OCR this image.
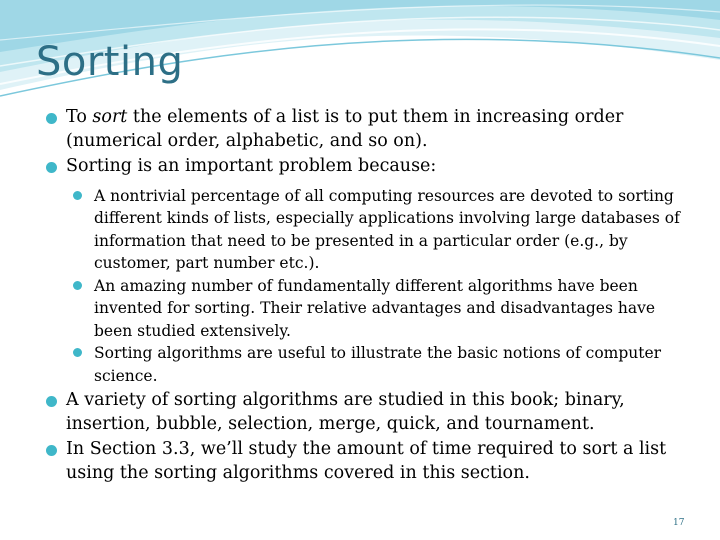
Sorting
To sort the elements of a list is to put them in increasing order (numerical order, alphabetic, and so on).
Sorting is an important problem because:
A nontrivial percentage of all computing resources are devoted to sorting different kinds of lists, especially applications involving large databases of information that need to be presented in a particular order (e.g., by customer, part number etc.).
An amazing number of fundamentally different algorithms have been invented for sorting. Their relative advantages and disadvantages have been studied extensively.
Sorting algorithms are useful to illustrate the basic notions of computer science.
A variety of sorting algorithms are studied in this book; binary, insertion, bubble, selection, merge, quick, and tournament.
In Section 3.3, we’ll study the amount of time required to sort a list using the sorting algorithms covered in this section.
17
